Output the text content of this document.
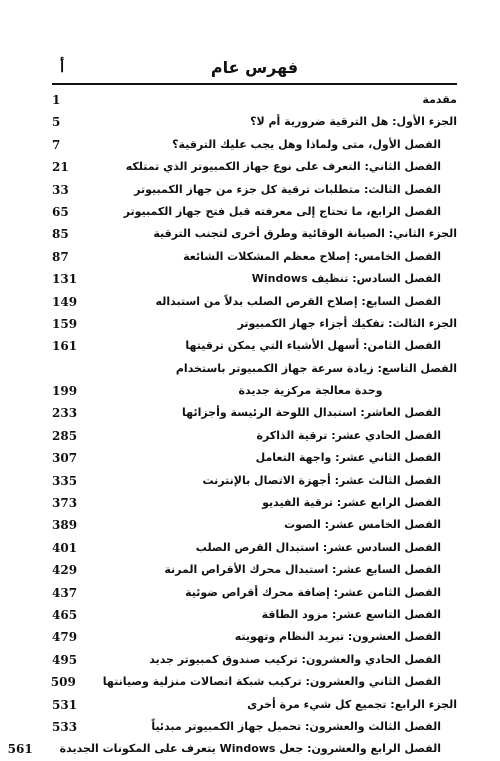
فهرس عام
أ
مقدمة
1
الجزء الأول: هل الترقية ضرورية أم لا؟
5
الفصل الأول، متى ولماذا وهل يجب عليك الترقية؟
7
الفصل الثاني: التعرف على نوع جهاز الكمبيوتر الذي تمتلكه
21
الفصل الثالث: متطلبات ترقية كل جزء من جهاز الكمبيوتر
33
الفصل الرابع، ما تحتاج إلى معرفته قبل فتح جهاز الكمبيوتر
65
الجزء الثاني: الصيانة الوقائية وطرق أخرى لتجنب الترقية
85
الفصل الخامس: إصلاح معظم المشكلات الشائعة
87
الفصل السادس: تنظيف Windows
131
الفصل السابع: إصلاح القرص الصلب بدلاً من استبداله
149
الجزء الثالث: تفكيك أجزاء جهاز الكمبيوتر
159
الفصل الثامن: أسهل الأشياء التي يمكن ترقيتها
161
الفصل التاسع: زيادة سرعة جهاز الكمبيوتر باستخدام وحدة معالجة مركزية جديدة
199
الفصل العاشر: استبدال اللوحة الرئيسة وأجزائها
233
الفصل الحادي عشر: ترقية الذاكرة
285
الفصل الثاني عشر: واجهة التعامل
307
الفصل الثالث عشر: أجهزة الاتصال بالإنترنت
335
الفصل الرابع عشر: ترقية الفيديو
373
الفصل الخامس عشر: الصوت
389
الفصل السادس عشر: استبدال القرص الصلب
401
الفصل السابع عشر: استبدال محرك الأقراص المرنة
429
الفصل الثامن عشر: إضافة محرك أقراص ضوئية
437
الفصل التاسع عشر: مزود الطاقة
465
الفصل العشرون: تبريد النظام وتهويته
479
الفصل الحادي والعشرون: تركيب صندوق كمبيوتر جديد
495
الفصل الثاني والعشرون: تركيب شبكة اتصالات منزلية وصيانتها
509
الجزء الرابع: تجميع كل شيء مرة أخرى
531
الفصل الثالث والعشرون: تحميل جهاز الكمبيوتر مبدئياً
533
الفصل الرابع والعشرون: جعل Windows يتعرف على المكونات الجديدة
561
